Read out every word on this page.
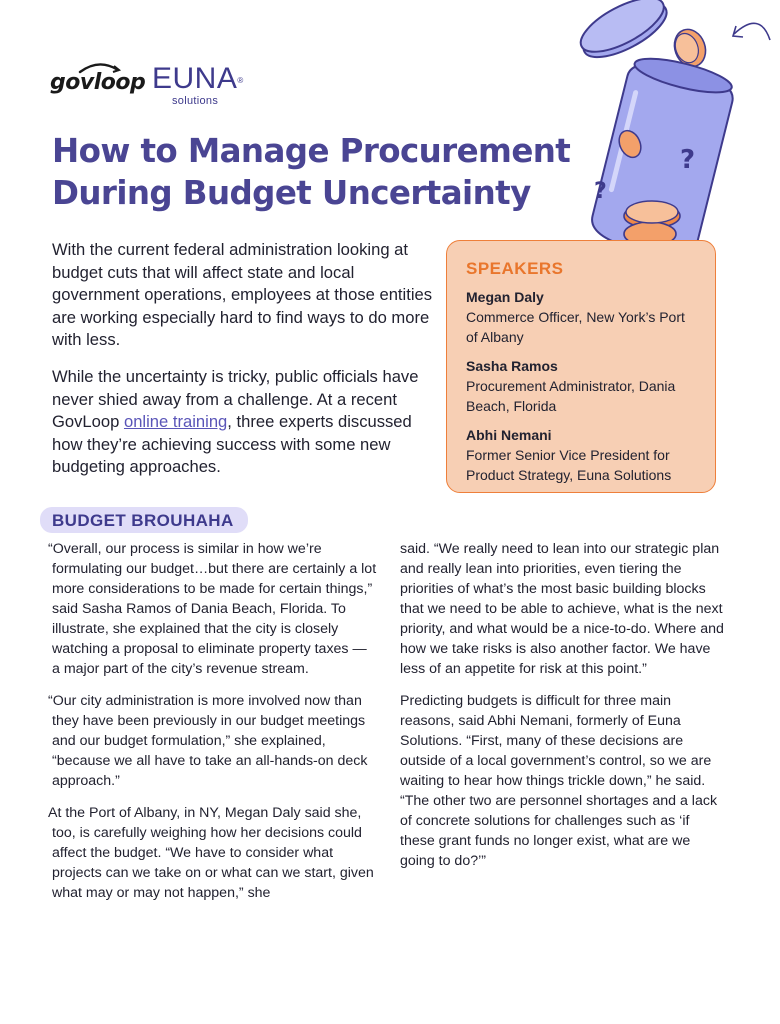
govloop EUNA®
solutions
?
?
How to Manage Procurement During Budget Uncertainty

With the current federal administration looking at budget cuts that will affect state and local government operations, employees at those entities are working especially hard to find ways to do more with less.

While the uncertainty is tricky, public officials have never shied away from a challenge. At a recent GovLoop online training, three experts discussed how they’re achieving success with some new budgeting approaches.

SPEAKERS
Megan Daly
Commerce Officer, New York’s Port of Albany
Sasha Ramos
Procurement Administrator, Dania Beach, Florida
Abhi Nemani
Former Senior Vice President for Product Strategy, Euna Solutions
BUDGET BROUHAHA

“Overall, our process is similar in how we’re formulating our budget…but there are certainly a lot more considerations to be made for certain things,” said Sasha Ramos of Dania Beach, Florida. To illustrate, she explained that the city is closely watching a proposal to eliminate property taxes — a major part of the city’s revenue stream.

“Our city administration is more involved now than they have been previously in our budget meetings and our budget formulation,” she explained, “because we all have to take an all-hands-on deck approach.”

At the Port of Albany, in NY, Megan Daly said she, too, is carefully weighing how her decisions could affect the budget. “We have to consider what projects can we take on or what can we start, given what may or may not happen,” she

said. “We really need to lean into our strategic plan and really lean into priorities, even tiering the priorities of what’s the most basic building blocks that we need to be able to achieve, what is the next priority, and what would be a nice-to-do. Where and how we take risks is also another factor. We have less of an appetite for risk at this point.”

Predicting budgets is difficult for three main reasons, said Abhi Nemani, formerly of Euna Solutions. “First, many of these decisions are outside of a local government’s control, so we are waiting to hear how things trickle down,” he said. “The other two are personnel shortages and a lack of concrete solutions for challenges such as ‘if these grant funds no longer exist, what are we going to do?’”
